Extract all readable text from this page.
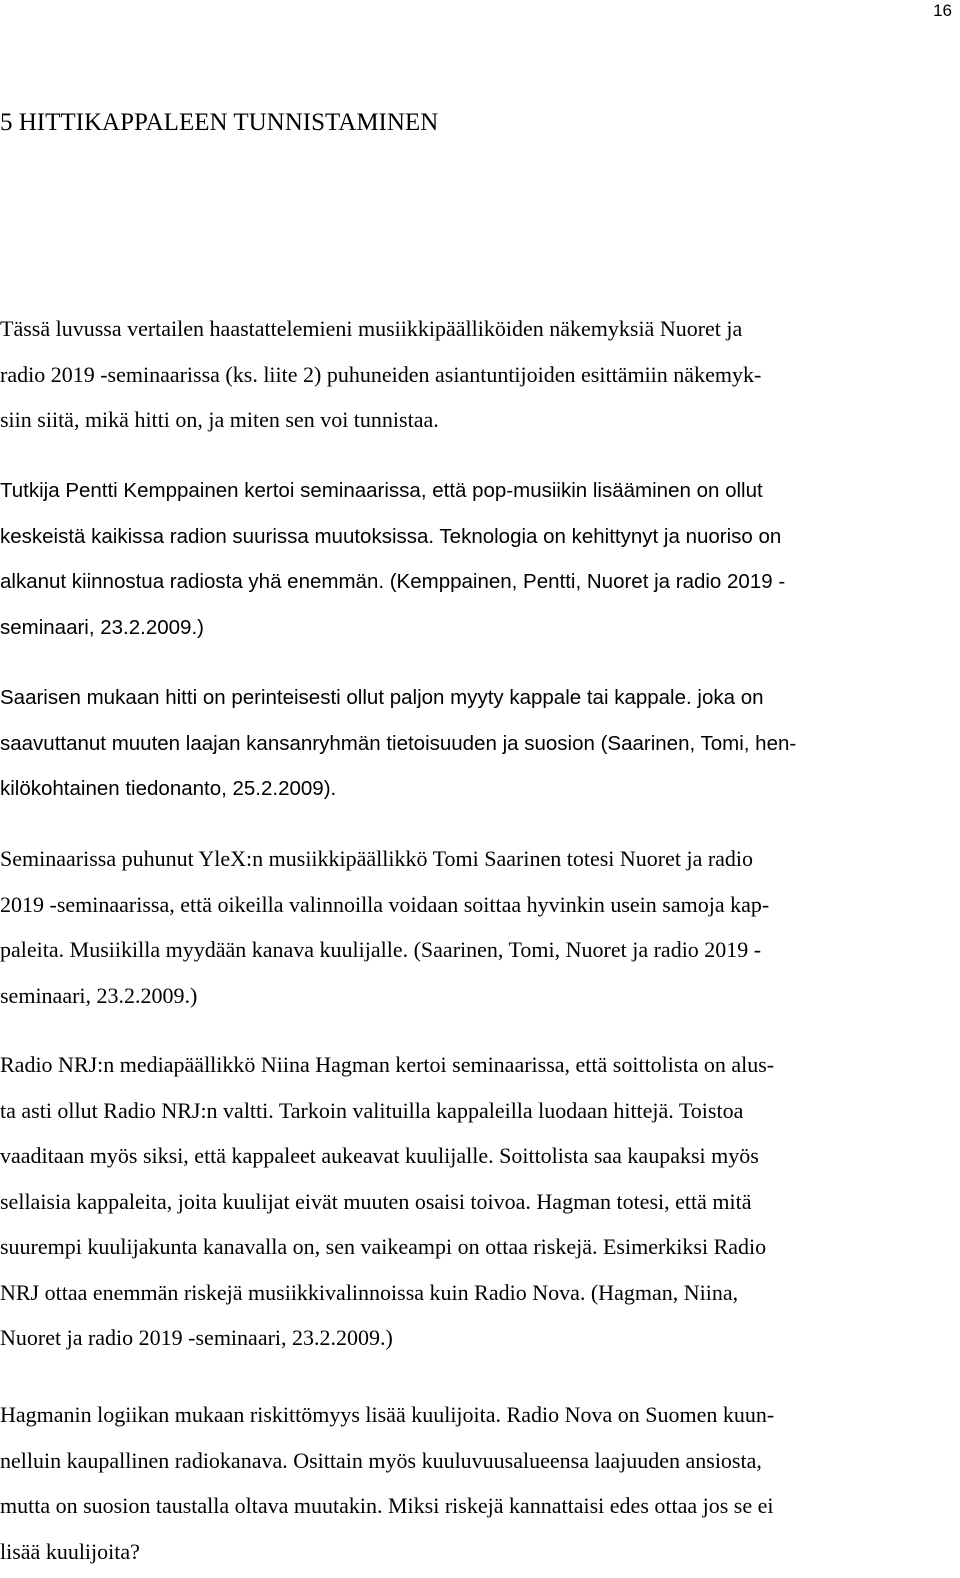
16
5 HITTIKAPPALEEN TUNNISTAMINEN

Tässä luvussa vertailen haastattelemieni musiikkipäälliköiden näkemyksiä Nuoret ja
radio 2019 -seminaarissa (ks. liite 2) puhuneiden asiantuntijoiden esittämiin näkemyk-
siin siitä, mikä hitti on, ja miten sen voi tunnistaa.

Tutkija Pentti Kemppainen kertoi seminaarissa, että pop-musiikin lisääminen on ollut
keskeistä kaikissa radion suurissa muutoksissa. Teknologia on kehittynyt ja nuoriso on
alkanut kiinnostua radiosta yhä enemmän. (Kemppainen, Pentti, Nuoret ja radio 2019 -
seminaari, 23.2.2009.)

Saarisen mukaan hitti on perinteisesti ollut paljon myyty kappale tai kappale. joka on
saavuttanut muuten laajan kansanryhmän tietoisuuden ja suosion (Saarinen, Tomi, hen-
kilökohtainen tiedonanto, 25.2.2009).

Seminaarissa puhunut YleX:n musiikkipäällikkö Tomi Saarinen totesi Nuoret ja radio
2019 -seminaarissa, että oikeilla valinnoilla voidaan soittaa hyvinkin usein samoja kap-
paleita. Musiikilla myydään kanava kuulijalle. (Saarinen, Tomi, Nuoret ja radio 2019 -
seminaari, 23.2.2009.)

Radio NRJ:n mediapäällikkö Niina Hagman kertoi seminaarissa, että soittolista on alus-
ta asti ollut Radio NRJ:n valtti. Tarkoin valituilla kappaleilla luodaan hittejä. Toistoa
vaaditaan myös siksi, että kappaleet aukeavat kuulijalle. Soittolista saa kaupaksi myös
sellaisia kappaleita, joita kuulijat eivät muuten osaisi toivoa. Hagman totesi, että mitä
suurempi kuulijakunta kanavalla on, sen vaikeampi on ottaa riskejä. Esimerkiksi Radio
NRJ ottaa enemmän riskejä musiikkivalinnoissa kuin Radio Nova. (Hagman, Niina,
Nuoret ja radio 2019 -seminaari, 23.2.2009.)

Hagmanin logiikan mukaan riskittömyys lisää kuulijoita. Radio Nova on Suomen kuun-
nelluin kaupallinen radiokanava. Osittain myös kuuluvuusalueensa laajuuden ansiosta,
mutta on suosion taustalla oltava muutakin. Miksi riskejä kannattaisi edes ottaa jos se ei
lisää kuulijoita?
